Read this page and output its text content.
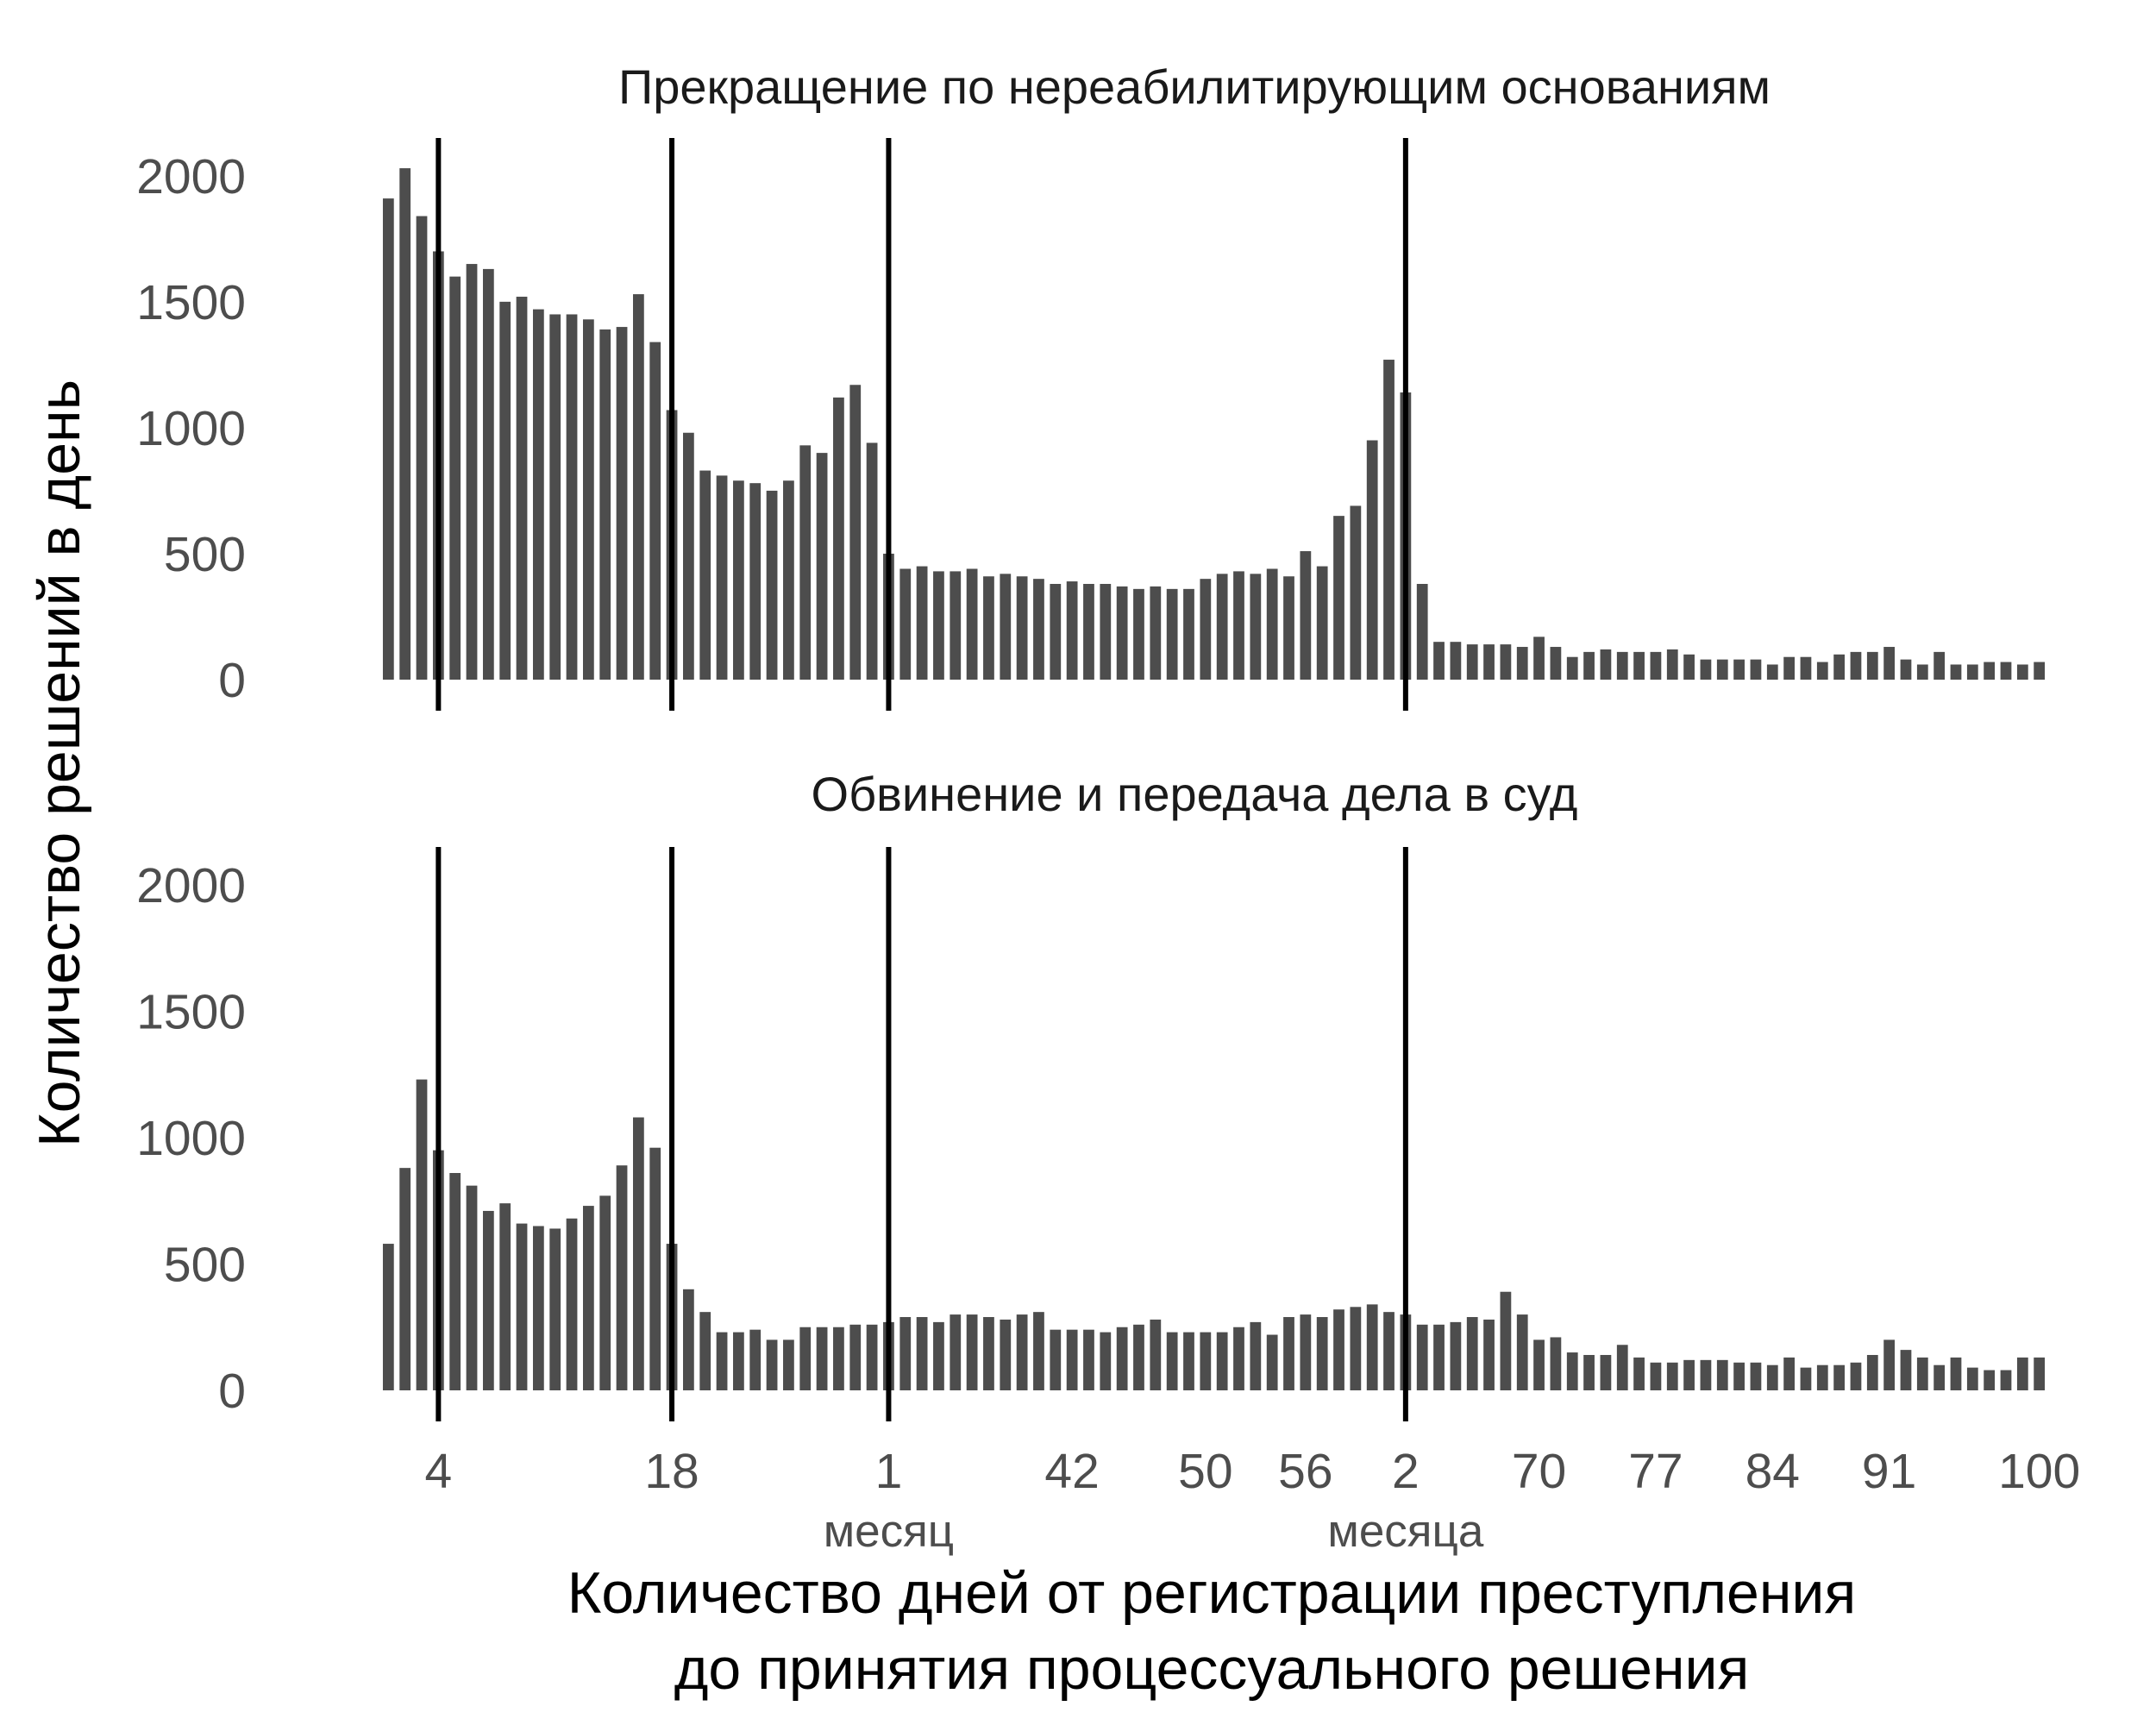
Прекращение по нереабилитирующим основаниям
0
500
1000
1500
2000
Обвинение и передача дела в суд
0
500
1000
1500
2000
4	18	1
месяц
42 50 56 2
месяца
70 77 84 91 100
Количество дней от регистрации преступления
до принятия процессуального решения
Количество решений в день
